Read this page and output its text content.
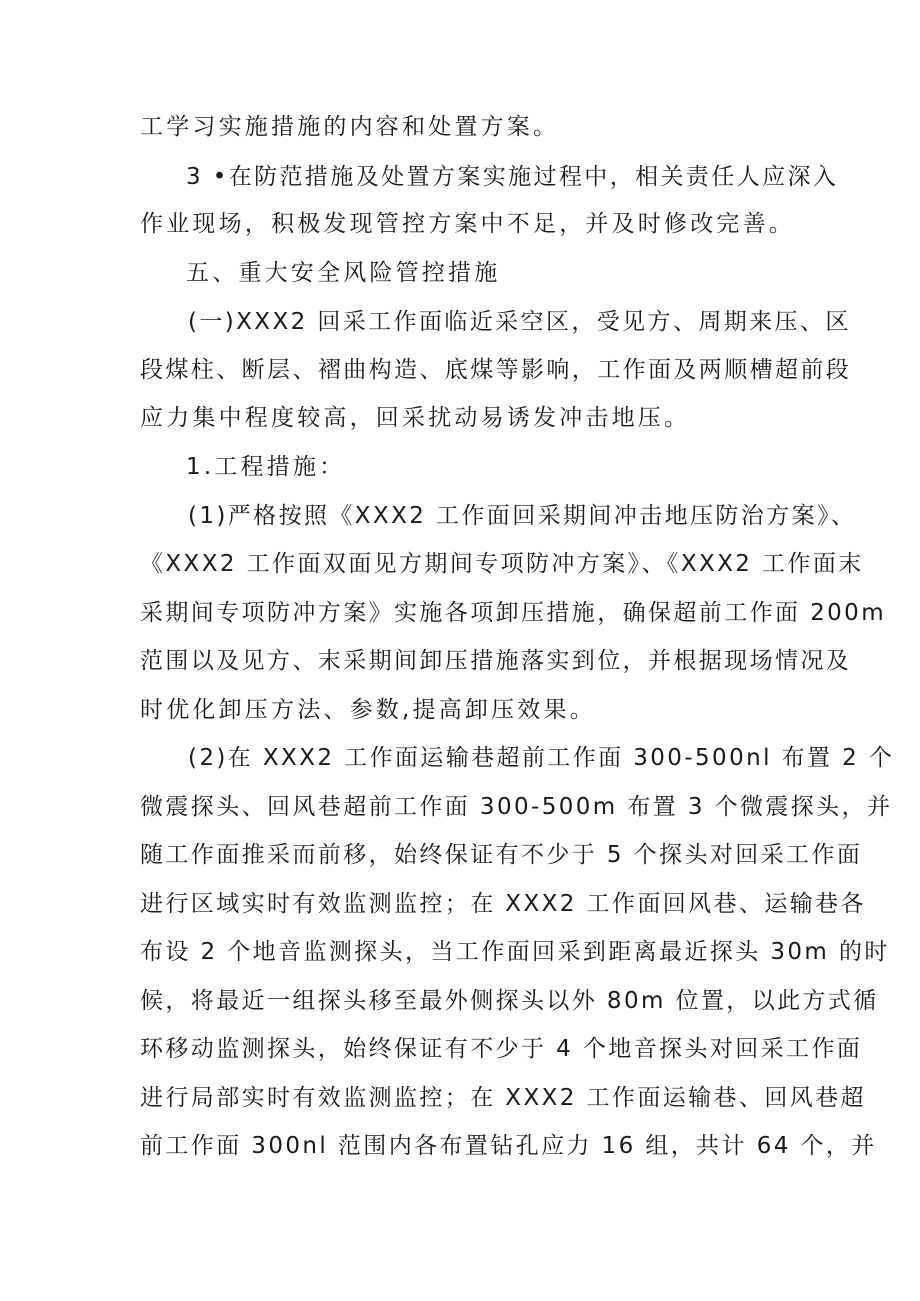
工学习实施措施的内容和处置方案。
3 •在防范措施及处置方案实施过程中，相关责任人应深入
作业现场，积极发现管控方案中不足，并及时修改完善。
五、重大安全风险管控措施
(一)XXX2 回采工作面临近采空区，受见方、周期来压、区
段煤柱、断层、褶曲构造、底煤等影响，工作面及两顺槽超前段
应力集中程度较高，回采扰动易诱发冲击地压。
1.工程措施：
(1)严格按照《XXX2 工作面回采期间冲击地压防治方案》、
《XXX2 工作面双面见方期间专项防冲方案》、《XXX2 工作面末
采期间专项防冲方案》实施各项卸压措施，确保超前工作面 200m
范围以及见方、末采期间卸压措施落实到位，并根据现场情况及
时优化卸压方法、参数,提高卸压效果。
(2)在 XXX2 工作面运输巷超前工作面 300-500nl 布置 2 个
微震探头、回风巷超前工作面 300-500m 布置 3 个微震探头，并
随工作面推采而前移，始终保证有不少于 5 个探头对回采工作面
进行区域实时有效监测监控；在 XXX2 工作面回风巷、运输巷各
布设 2 个地音监测探头，当工作面回采到距离最近探头 30m 的时
候，将最近一组探头移至最外侧探头以外 80m 位置，以此方式循
环移动监测探头，始终保证有不少于 4 个地音探头对回采工作面
进行局部实时有效监测监控；在 XXX2 工作面运输巷、回风巷超
前工作面 300nl 范围内各布置钻孔应力 16 组，共计 64 个，并
